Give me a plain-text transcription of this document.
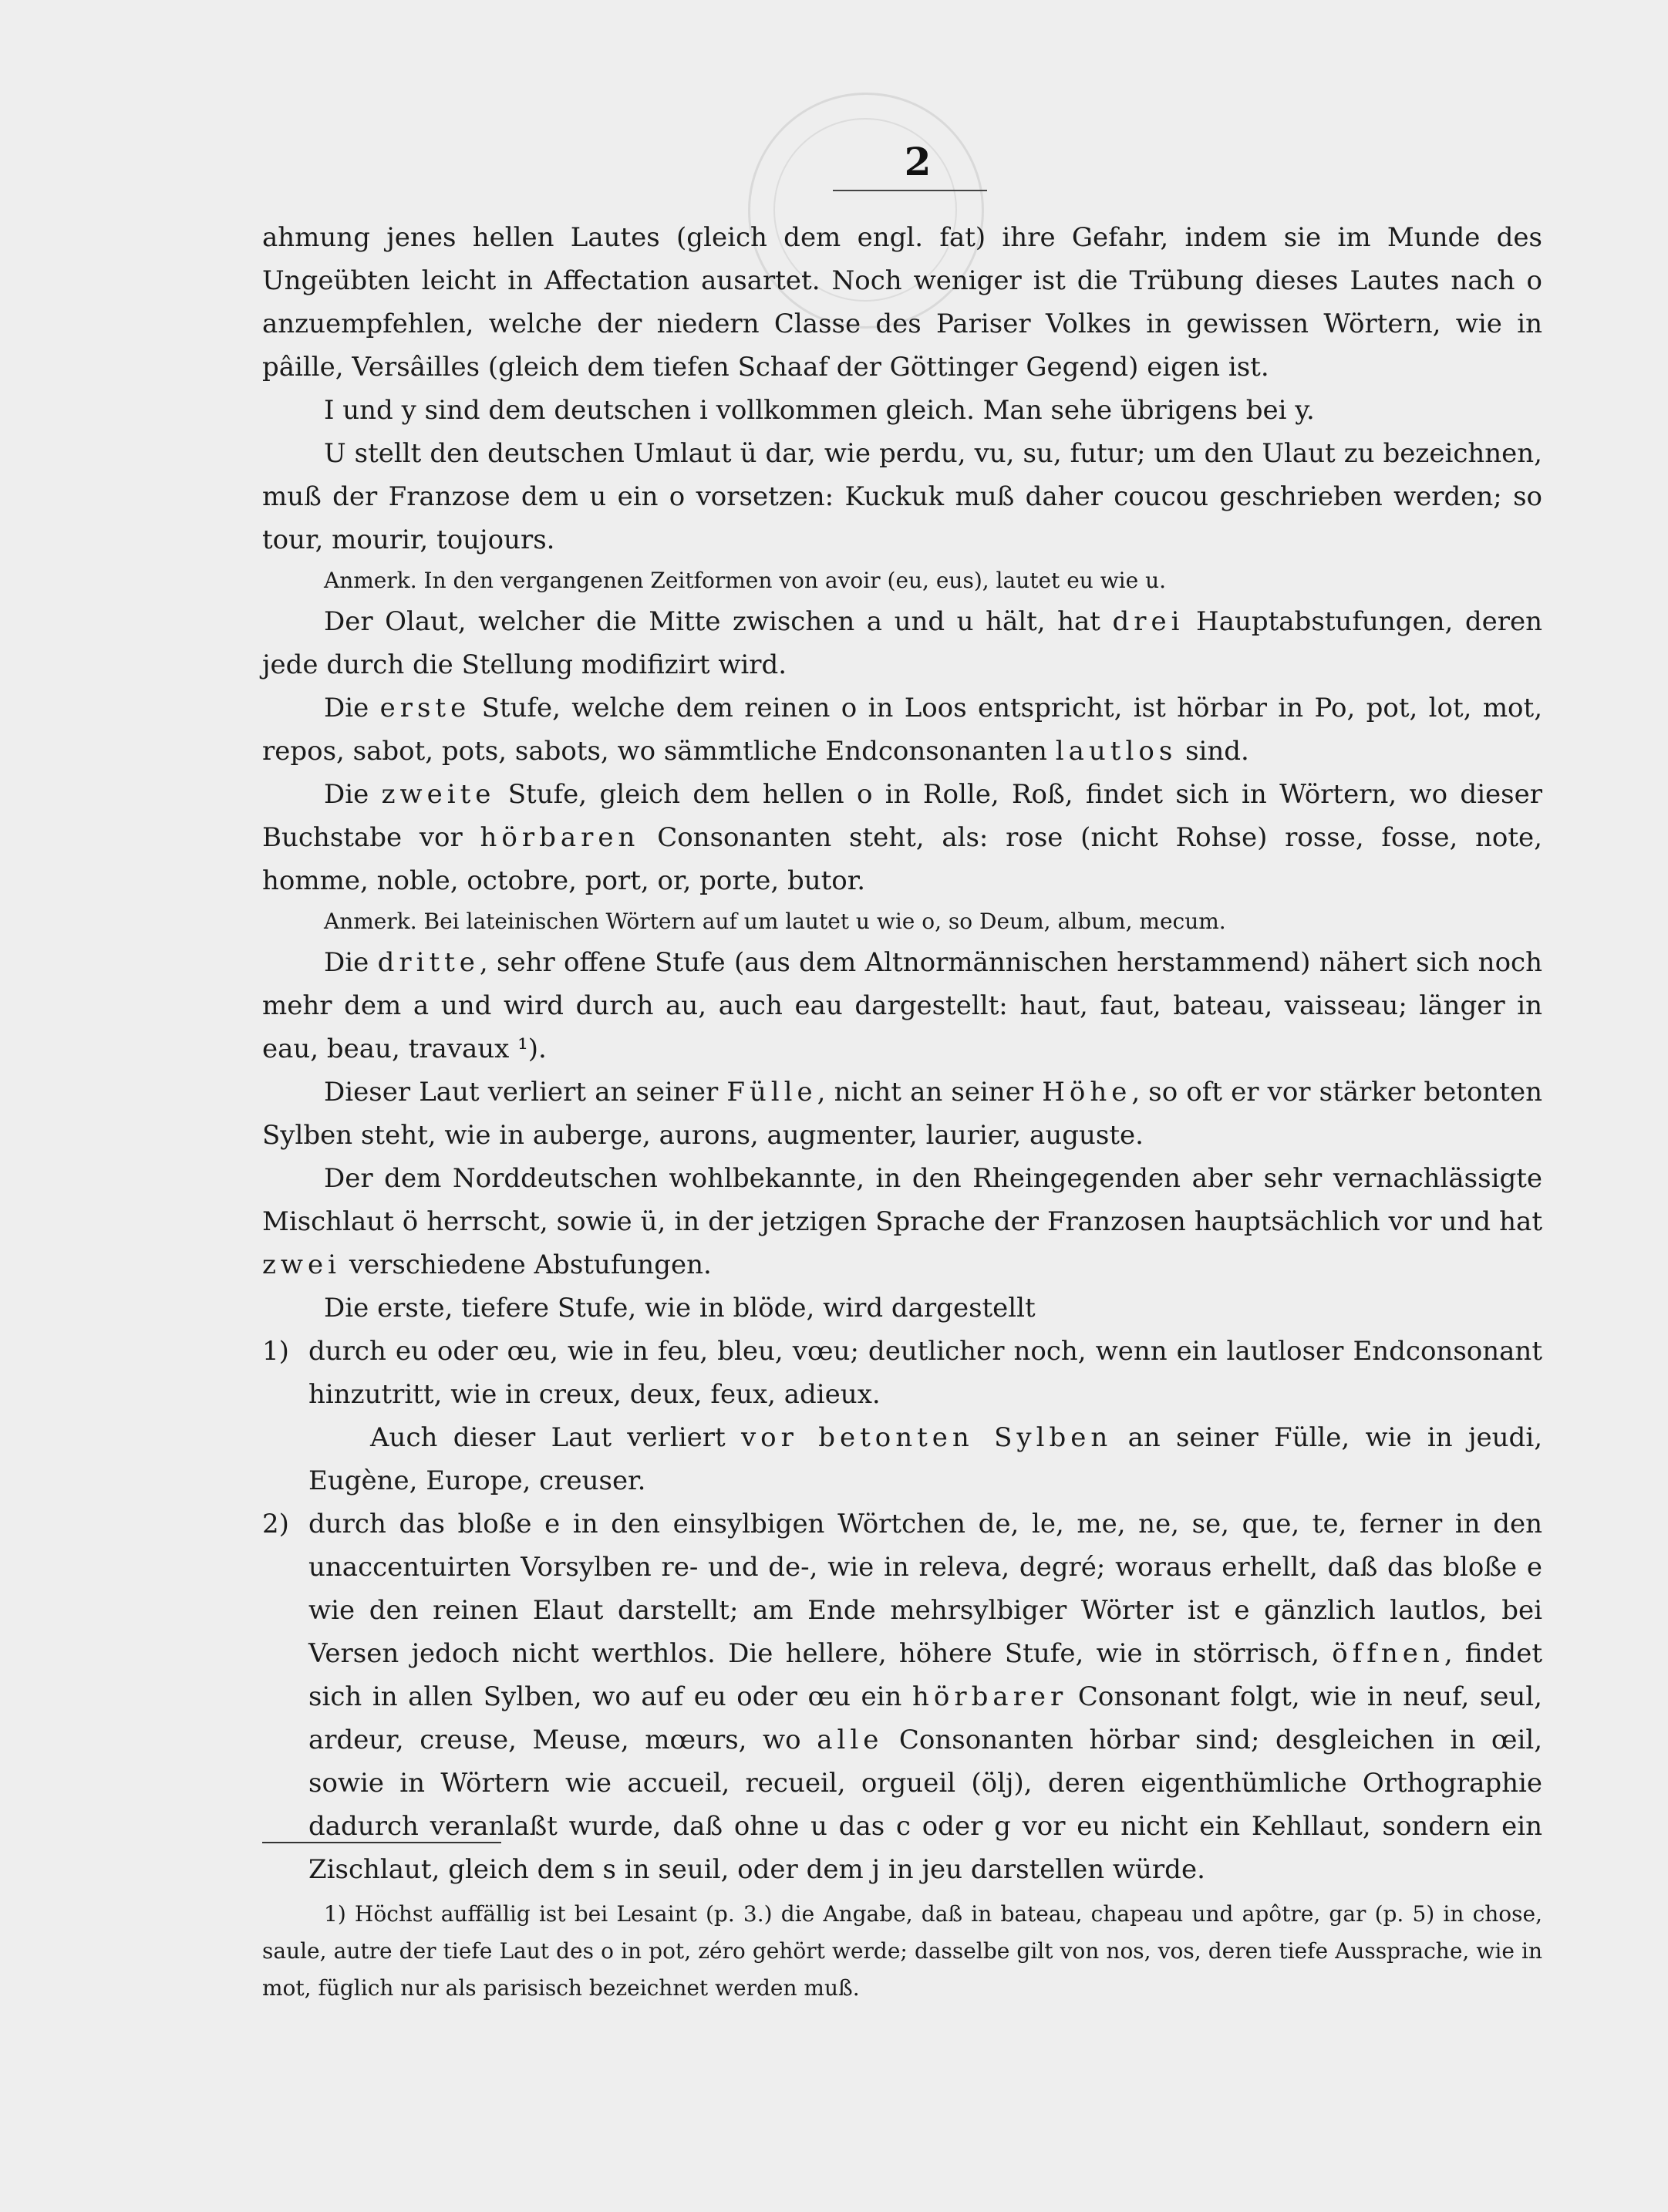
2

ahmung jenes hellen Lautes (gleich dem engl. fat) ihre Gefahr, indem sie im Munde des Ungeübten leicht in Affectation ausartet. Noch weniger ist die Trübung dieses Lautes nach o anzuempfehlen, welche der niedern Classe des Pariser Volkes in gewissen Wörtern, wie in pâille, Versâilles (gleich dem tiefen Schaaf der Göttinger Gegend) eigen ist.

I und y sind dem deutschen i vollkommen gleich. Man sehe übrigens bei y.

U stellt den deutschen Umlaut ü dar, wie perdu, vu, su, futur; um den Ulaut zu bezeichnen, muß der Franzose dem u ein o vorsetzen: Kuckuk muß daher coucou geschrieben werden; so tour, mourir, toujours.

Anmerk. In den vergangenen Zeitformen von avoir (eu, eus), lautet eu wie u.

Der Olaut, welcher die Mitte zwischen a und u hält, hat drei Hauptabstufungen, deren jede durch die Stellung modifizirt wird.

Die erste Stufe, welche dem reinen o in Loos entspricht, ist hörbar in Po, pot, lot, mot, repos, sabot, pots, sabots, wo sämmtliche Endconsonanten lautlos sind.

Die zweite Stufe, gleich dem hellen o in Rolle, Roß, findet sich in Wörtern, wo dieser Buchstabe vor hörbaren Consonanten steht, als: rose (nicht Rohse) rosse, fosse, note, homme, noble, octobre, port, or, porte, butor.

Anmerk. Bei lateinischen Wörtern auf um lautet u wie o, so Deum, album, mecum.

Die dritte, sehr offene Stufe (aus dem Altnormännischen herstammend) nähert sich noch mehr dem a und wird durch au, auch eau dargestellt: haut, faut, bateau, vaisseau; länger in eau, beau, travaux ¹).

Dieser Laut verliert an seiner Fülle, nicht an seiner Höhe, so oft er vor stärker betonten Sylben steht, wie in auberge, aurons, augmenter, laurier, auguste.

Der dem Norddeutschen wohlbekannte, in den Rheingegenden aber sehr vernachlässigte Mischlaut ö herrscht, sowie ü, in der jetzigen Sprache der Franzosen hauptsächlich vor und hat zwei verschiedene Abstufungen.

Die erste, tiefere Stufe, wie in blöde, wird dargestellt

1) durch eu oder œu, wie in feu, bleu, vœu; deutlicher noch, wenn ein lautloser Endconsonant hinzutritt, wie in creux, deux, feux, adieux.

Auch dieser Laut verliert vor betonten Sylben an seiner Fülle, wie in jeudi, Eugène, Europe, creuser.

2) durch das bloße e in den einsylbigen Wörtchen de, le, me, ne, se, que, te, ferner in den unaccentuirten Vorsylben re- und de-, wie in releva, degré; woraus erhellt, daß das bloße e wie den reinen Elaut darstellt; am Ende mehrsylbiger Wörter ist e gänzlich lautlos, bei Versen jedoch nicht werthlos. Die hellere, höhere Stufe, wie in störrisch, öffnen, findet sich in allen Sylben, wo auf eu oder œu ein hörbarer Consonant folgt, wie in neuf, seul, ardeur, creuse, Meuse, mœurs, wo alle Consonanten hörbar sind; desgleichen in œil, sowie in Wörtern wie accueil, recueil, orgueil (ölj), deren eigenthümliche Orthographie dadurch veranlaßt wurde, daß ohne u das c oder g vor eu nicht ein Kehllaut, sondern ein Zischlaut, gleich dem s in seuil, oder dem j in jeu darstellen würde.

1) Höchst auffällig ist bei Lesaint (p. 3.) die Angabe, daß in bateau, chapeau und apôtre, gar (p. 5) in chose, saule, autre der tiefe Laut des o in pot, zéro gehört werde; dasselbe gilt von nos, vos, deren tiefe Aussprache, wie in mot, füglich nur als parisisch bezeichnet werden muß.
